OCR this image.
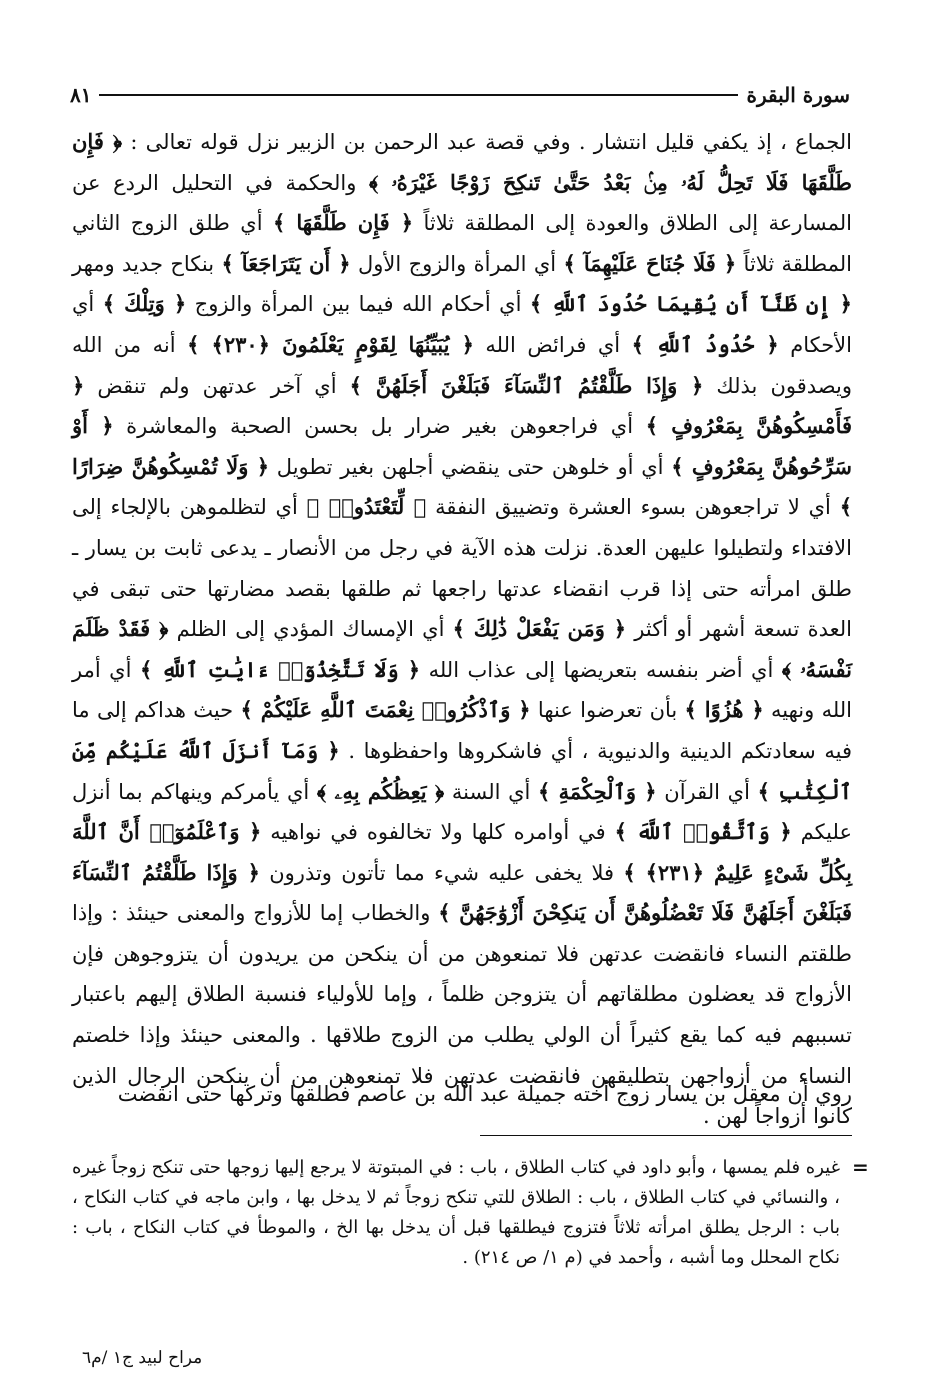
سورة البقرة
٨١

الجماع ، إذ يكفي قليل انتشار . وفي قصة عبد الرحمن بن الزبير نزل قوله تعالى : ﴿ فَإِن طَلَّقَهَا فَلَا تَحِلُّ لَهُۥ مِنۢ بَعْدُ حَتَّىٰ تَنكِحَ زَوْجًا غَيْرَهُۥ ﴾ والحكمة في التحليل الردع عن المسارعة إلى الطلاق والعودة إلى المطلقة ثلاثاً ﴿ فَإِن طَلَّقَهَا ﴾ أي طلق الزوج الثاني المطلقة ثلاثاً ﴿ فَلَا جُنَاحَ عَلَيْهِمَآ ﴾ أي المرأة والزوج الأول ﴿ أَن يَتَرَاجَعَآ ﴾ بنكاح جديد ومهر ﴿ إِن ظَنَّآ أَن يُقِيمَا حُدُودَ ٱللَّهِ ﴾ أي أحكام الله فيما بين المرأة والزوج ﴿ وَتِلْكَ ﴾ أي الأحكام ﴿ حُدُودُ ٱللَّهِ ﴾ أي فرائض الله ﴿ يُبَيِّنُهَا لِقَوْمٍ يَعْلَمُونَ ﴿٢٣٠﴾ ﴾ أنه من الله ويصدقون بذلك ﴿ وَإِذَا طَلَّقْتُمُ ٱلنِّسَآءَ فَبَلَغْنَ أَجَلَهُنَّ ﴾ أي آخر عدتهن ولم تنقض ﴿ فَأَمْسِكُوهُنَّ بِمَعْرُوفٍ ﴾ أي فراجعوهن بغير ضرار بل بحسن الصحبة والمعاشرة ﴿ أَوْ سَرِّحُوهُنَّ بِمَعْرُوفٍ ﴾ أي أو خلوهن حتى ينقضي أجلهن بغير تطويل ﴿ وَلَا تُمْسِكُوهُنَّ ضِرَارًا ﴾ أي لا تراجعوهن بسوء العشرة وتضييق النفقة ﴿ لِّتَعْتَدُوا۟ ﴾ أي لتظلموهن بالإلجاء إلى الافتداء ولتطيلوا عليهن العدة. نزلت هذه الآية في رجل من الأنصار ـ يدعى ثابت بن يسار ـ طلق امرأته حتى إذا قرب انقضاء عدتها راجعها ثم طلقها بقصد مضارتها حتى تبقى في العدة تسعة أشهر أو أكثر ﴿ وَمَن يَفْعَلْ ذَٰلِكَ ﴾ أي الإمساك المؤدي إلى الظلم ﴿ فَقَدْ ظَلَمَ نَفْسَهُۥ ﴾ أي أضر بنفسه بتعريضها إلى عذاب الله ﴿ وَلَا تَتَّخِذُوٓا۟ ءَايَٰتِ ٱللَّهِ ﴾ أي أمر الله ونهيه ﴿ هُزُوًا ﴾ بأن تعرضوا عنها ﴿ وَٱذْكُرُوا۟ نِعْمَتَ ٱللَّهِ عَلَيْكُمْ ﴾ حيث هداكم إلى ما فيه سعادتكم الدينية والدنيوية ، أي فاشكروها واحفظوها . ﴿ وَمَآ أَنزَلَ ٱللَّهُ عَلَيْكُم مِّنَ ٱلْكِتَٰبِ ﴾ أي القرآن ﴿ وَٱلْحِكْمَةِ ﴾ أي السنة ﴿ يَعِظُكُم بِهِۦ ﴾ أي يأمركم وينهاكم بما أنزل عليكم ﴿ وَٱتَّقُوا۟ ٱللَّهَ ﴾ في أوامره كلها ولا تخالفوه في نواهيه ﴿ وَٱعْلَمُوٓا۟ أَنَّ ٱللَّهَ بِكُلِّ شَىْءٍ عَلِيمٌ ﴿٢٣١﴾ ﴾ فلا يخفى عليه شيء مما تأتون وتذرون ﴿ وَإِذَا طَلَّقْتُمُ ٱلنِّسَآءَ فَبَلَغْنَ أَجَلَهُنَّ فَلَا تَعْضُلُوهُنَّ أَن يَنكِحْنَ أَزْوَٰجَهُنَّ ﴾ والخطاب إما للأزواج والمعنى حينئذ : وإذا طلقتم النساء فانقضت عدتهن فلا تمنعوهن من أن ينكحن من يريدون أن يتزوجوهن فإن الأزواج قد يعضلون مطلقاتهم أن يتزوجن ظلماً ، وإما للأولياء فنسبة الطلاق إليهم باعتبار تسببهم فيه كما يقع كثيراً أن الولي يطلب من الزوج طلاقها . والمعنى حينئذ وإذا خلصتم النساء من أزواجهن بتطليقهن فانقضت عدتهن فلا تمنعوهن من أن ينكحن الرجال الذين كانوا أزواجاً لهن .

روي أن معقل بن يسار زوج أخته جميلة عبد الله بن عاصم فطلقها وتركها حتى انقضت
=
غيره فلم يمسها ، وأبو داود في كتاب الطلاق ، باب : في المبتوتة لا يرجع إليها زوجها حتى تنكح زوجاً غيره ، والنسائي في كتاب الطلاق ، باب : الطلاق للتي تنكح زوجاً ثم لا يدخل بها ، وابن ماجه في كتاب النكاح ، باب : الرجل يطلق امرأته ثلاثاً فتزوج فيطلقها قبل أن يدخل بها الخ ، والموطأ في كتاب النكاح ، باب : نكاح المحلل وما أشبه ، وأحمد في (م ١/ ص ٢١٤) .
مراح لبيد ج١ /م٦
